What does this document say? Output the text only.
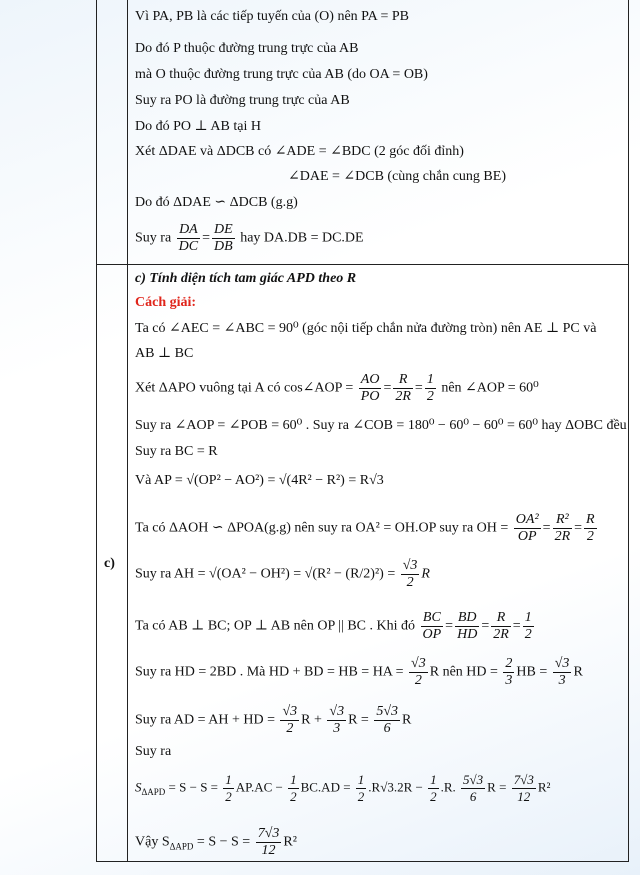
c)
Vì PA, PB là các tiếp tuyến của (O) nên PA = PB
Do đó P thuộc đường trung trực của AB
mà O thuộc đường trung trực của AB (do OA = OB)
Suy ra PO là đường trung trực của AB
Do đó PO ⊥ AB tại H
Xét ΔDAE và ΔDCB có ∠ADE = ∠BDC (2 góc đối đỉnh)
∠DAE = ∠DCB (cùng chắn cung BE)
Do đó ΔDAE ∽ ΔDCB (g.g)
Suy ra $\frac{DA}{DC} = \frac{DE}{DB}$ hay DA.DB = DC.DE
c) Tính diện tích tam giác APD theo R
Cách giải:
Ta có ∠AEC = ∠ABC = 90⁰ (góc nội tiếp chắn nửa đường tròn) nên AE ⊥ PC và
AB ⊥ BC
Xét ΔAPO vuông tại A có cos∠AOP = $\frac{AO}{PO} = \frac{R}{2R} = \frac{1}{2}$ nên ∠AOP = 60⁰
Suy ra ∠AOP = ∠POB = 60⁰ . Suy ra ∠COB = 180⁰ − 60⁰ − 60⁰ = 60⁰ hay ΔOBC đều
Suy ra BC = R
Và AP = √(OP² − AO²) = √(4R² − R²) = R√3
Ta có ΔAOH ∽ ΔPOA(g.g) nên suy ra OA² = OH.OP suy ra OH = $\frac{\text{OA²}}{OP} = \frac{\text{R²}}{2R} = \frac{R}{2}$
Suy ra AH = $√(OA^2 - OH^2) = √(R^2 - (R/2)^2) = \frac{√3}{2}$ R
Ta có AB ⊥ BC; OP ⊥ AB nên OP || BC . Khi đó $\frac{BC}{OP} = \frac{BD}{HD} = \frac{R}{2R} = \frac{1}{2}$
Suy ra HD = 2BD . Mà HD + BD = HB = HA = $\frac{√3}{2}$ R nên HD = $\frac{2}{3}$ HB = $\frac{√3}{3}$ R
Suy ra AD = AH + HD = $\frac{√3}{2}$ $R + \frac{√3}{3}$ $R = \frac{5√3}{6}$ R
Suy ra
$S_{\Delta APD} = S - S = \frac{1}{2} AP.AC - \frac{1}{2} BC.AD = \frac{1}{2} .R√3.2R - \frac{1}{2} .R$. $\frac{5√3}{6}$ $R = \frac{7√3}{12} R^2$
Vậy $S_{\Delta APD} = S - S = \frac{7√3}{12} R^2$
